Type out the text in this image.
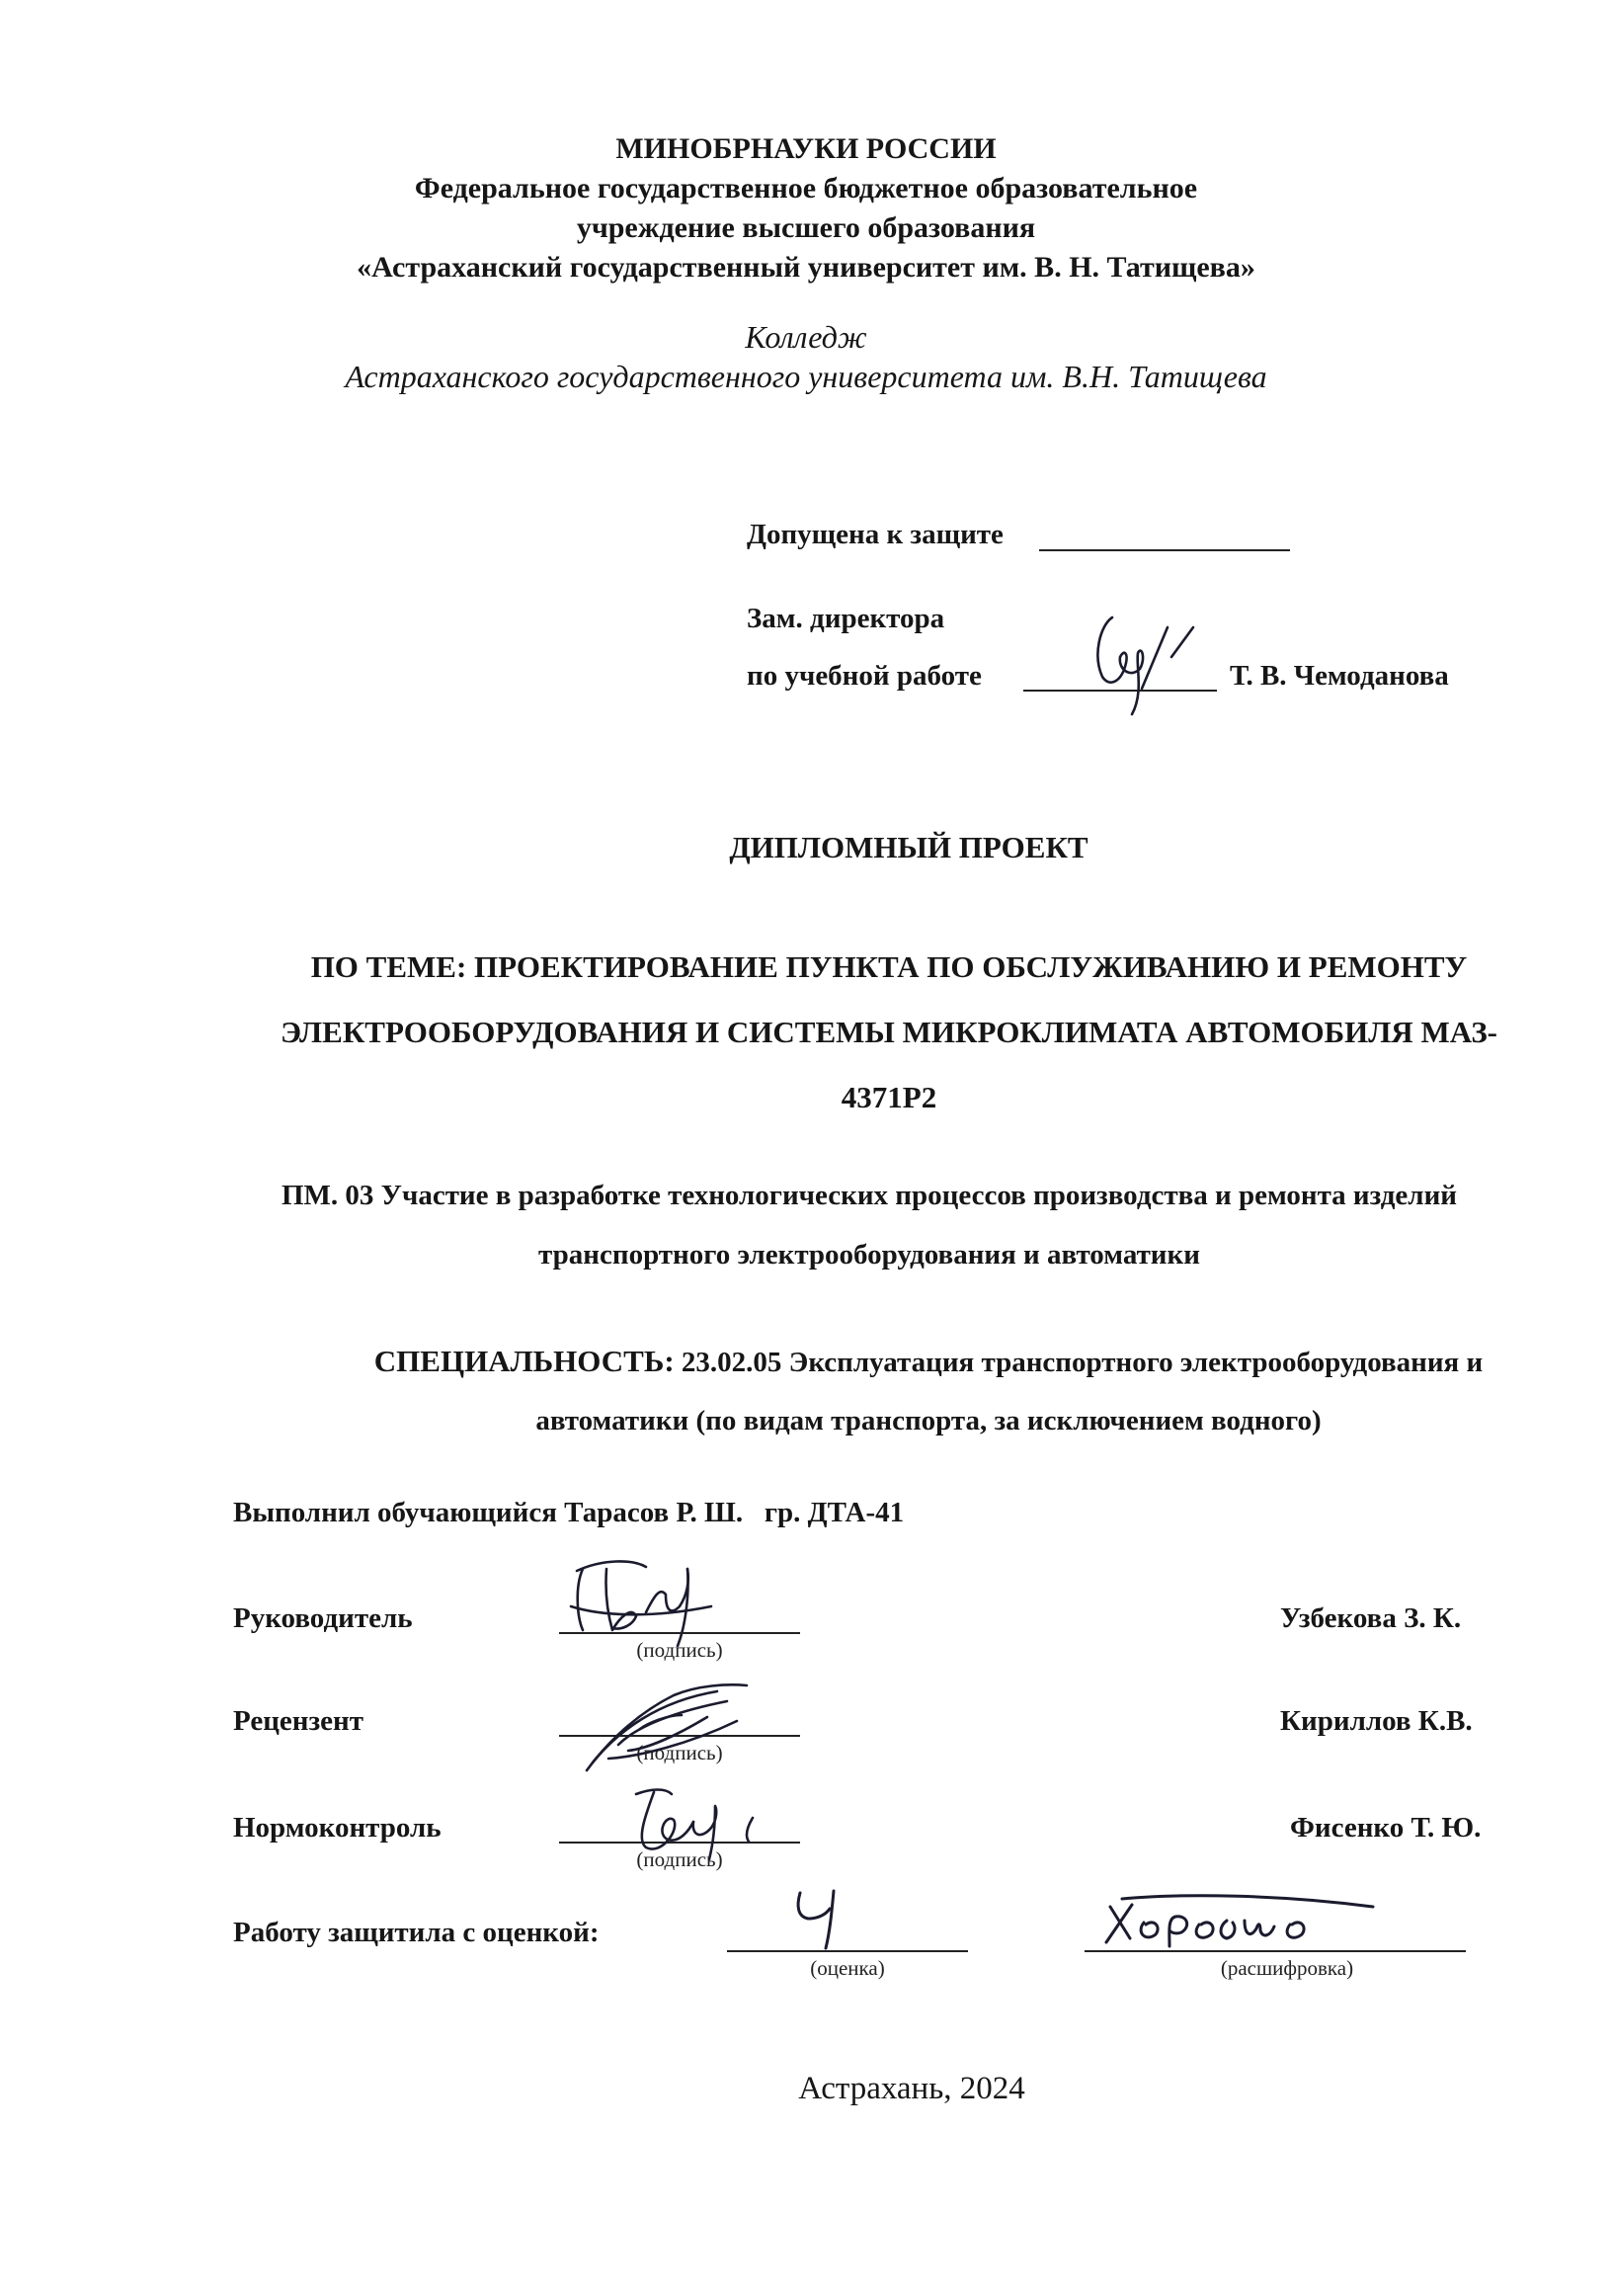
МИНОБРНАУКИ РОССИИ
Федеральное государственное бюджетное образовательное
учреждение высшего образования
«Астраханский государственный университет им. В. Н. Татищева»
Колледж
Астраханского государственного университета им. В.Н. Татищева
Допущена к защите
Зам. директора
по учебной работе	Т. В. Чемоданова
ДИПЛОМНЫЙ ПРОЕКТ
ПО ТЕМЕ: ПРОЕКТИРОВАНИЕ ПУНКТА ПО ОБСЛУЖИВАНИЮ И РЕМОНТУ
ЭЛЕКТРООБОРУДОВАНИЯ И СИСТЕМЫ МИКРОКЛИМАТА АВТОМОБИЛЯ МАЗ-
4371Р2
ПМ. 03 Участие в разработке технологических процессов производства и ремонта изделий
транспортного электрооборудования и автоматики
СПЕЦИАЛЬНОСТЬ: 23.02.05 Эксплуатация транспортного электрооборудования и
автоматики (по видам транспорта, за исключением водного)
Выполнил обучающийся Тарасов Р. Ш.   гр. ДТА-41
Руководитель
(подпись)
Узбекова З. К.
Рецензент
(подпись)
Кириллов К.В.
Нормоконтроль
(подпись)
Фисенко Т. Ю.
Работу защитила с оценкой:
(оценка)	(расшифровка)
Астрахань, 2024
